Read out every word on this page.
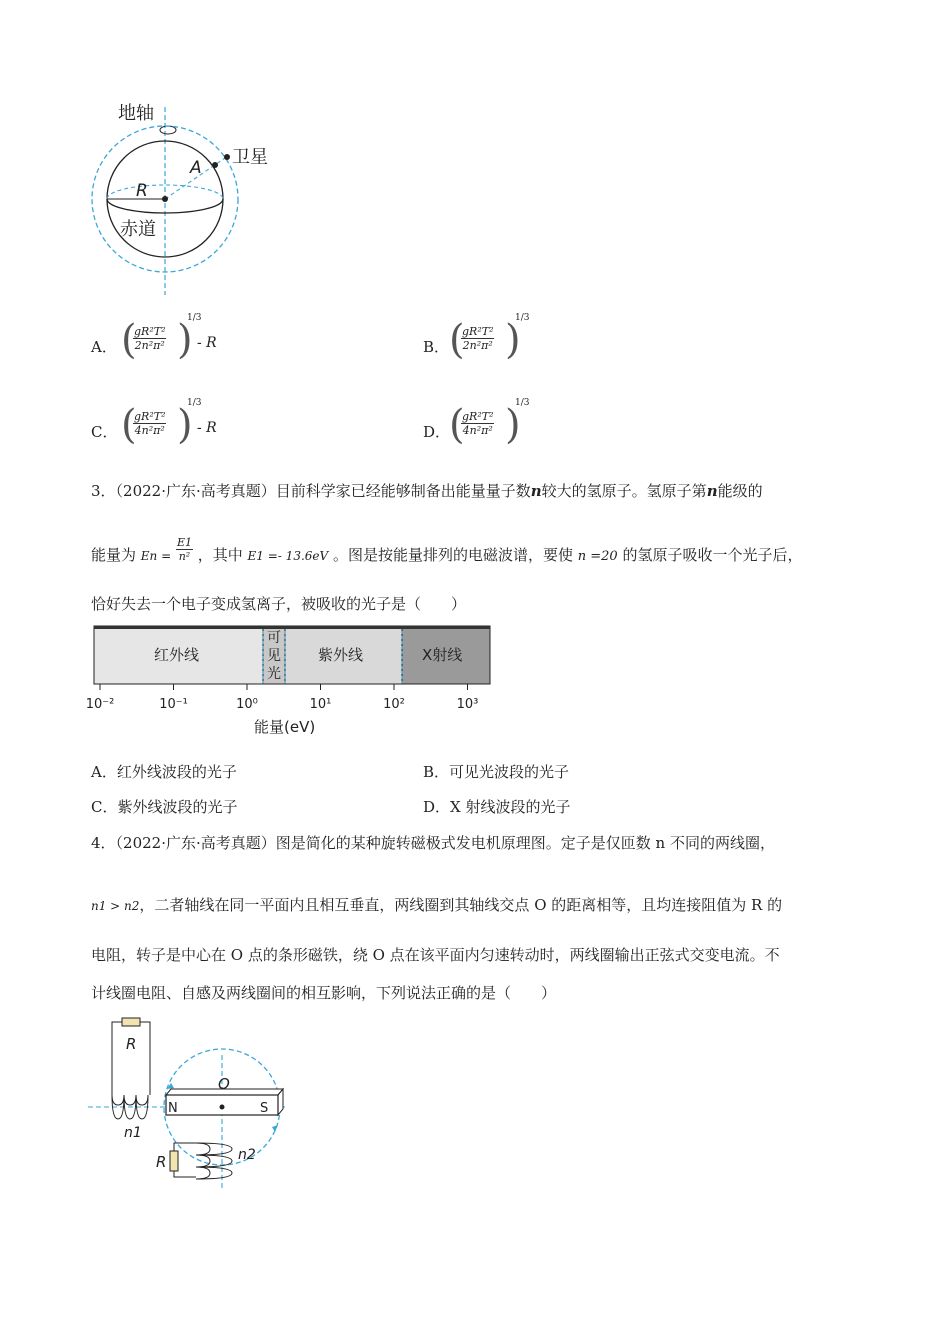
地轴
卫星
A
R
赤道
A． (
$\frac{\text{gR²T²}}{\text{2n²π²}}$ )
1/3
- R	B． (
$\frac{\text{gR²T²}}{\text{2n²π²}}$ )
1/3
C． (
$\frac{\text{gR²T²}}{\text{4n²π²}}$ )
1/3
- R	D．
(
$\frac{\text{gR²T²}}{\text{4n²π²}}$ )
1/3
3．（2022·广东·高考真题）目前科学家已经能够制备出能量量子数n较大的氢原子。氢原子第n能级的
能量为 $En = \frac{E1}{\text{n²}}$ ，其中 E1 =- 13.6eV 。图是按能量排列的电磁波谱，要使 n =20 的氢原子吸收一个光子后，
恰好失去一个电子变成氢离子，被吸收的光子是（　　）
红外线
可见光
紫外线	X射线
10⁻²	10⁻¹	10⁰	10¹	10²	10³
能量(eV)
A．红外线波段的光子	B．可见光波段的光子
C．紫外线波段的光子	D．X 射线波段的光子
4．（2022·广东·高考真题）图是简化的某种旋转磁极式发电机原理图。定子是仅匝数 n 不同的两线圈，
n1 > n2，二者轴线在同一平面内且相互垂直，两线圈到其轴线交点 O 的距离相等，且均连接阻值为 R 的
电阻，转子是中心在 O 点的条形磁铁，绕 O 点在该平面内匀速转动时，两线圈输出正弦式交变电流。不
计线圈电阻、自感及两线圈间的相互影响，下列说法正确的是（　　）
N	S
O
R
n1
R	n2
